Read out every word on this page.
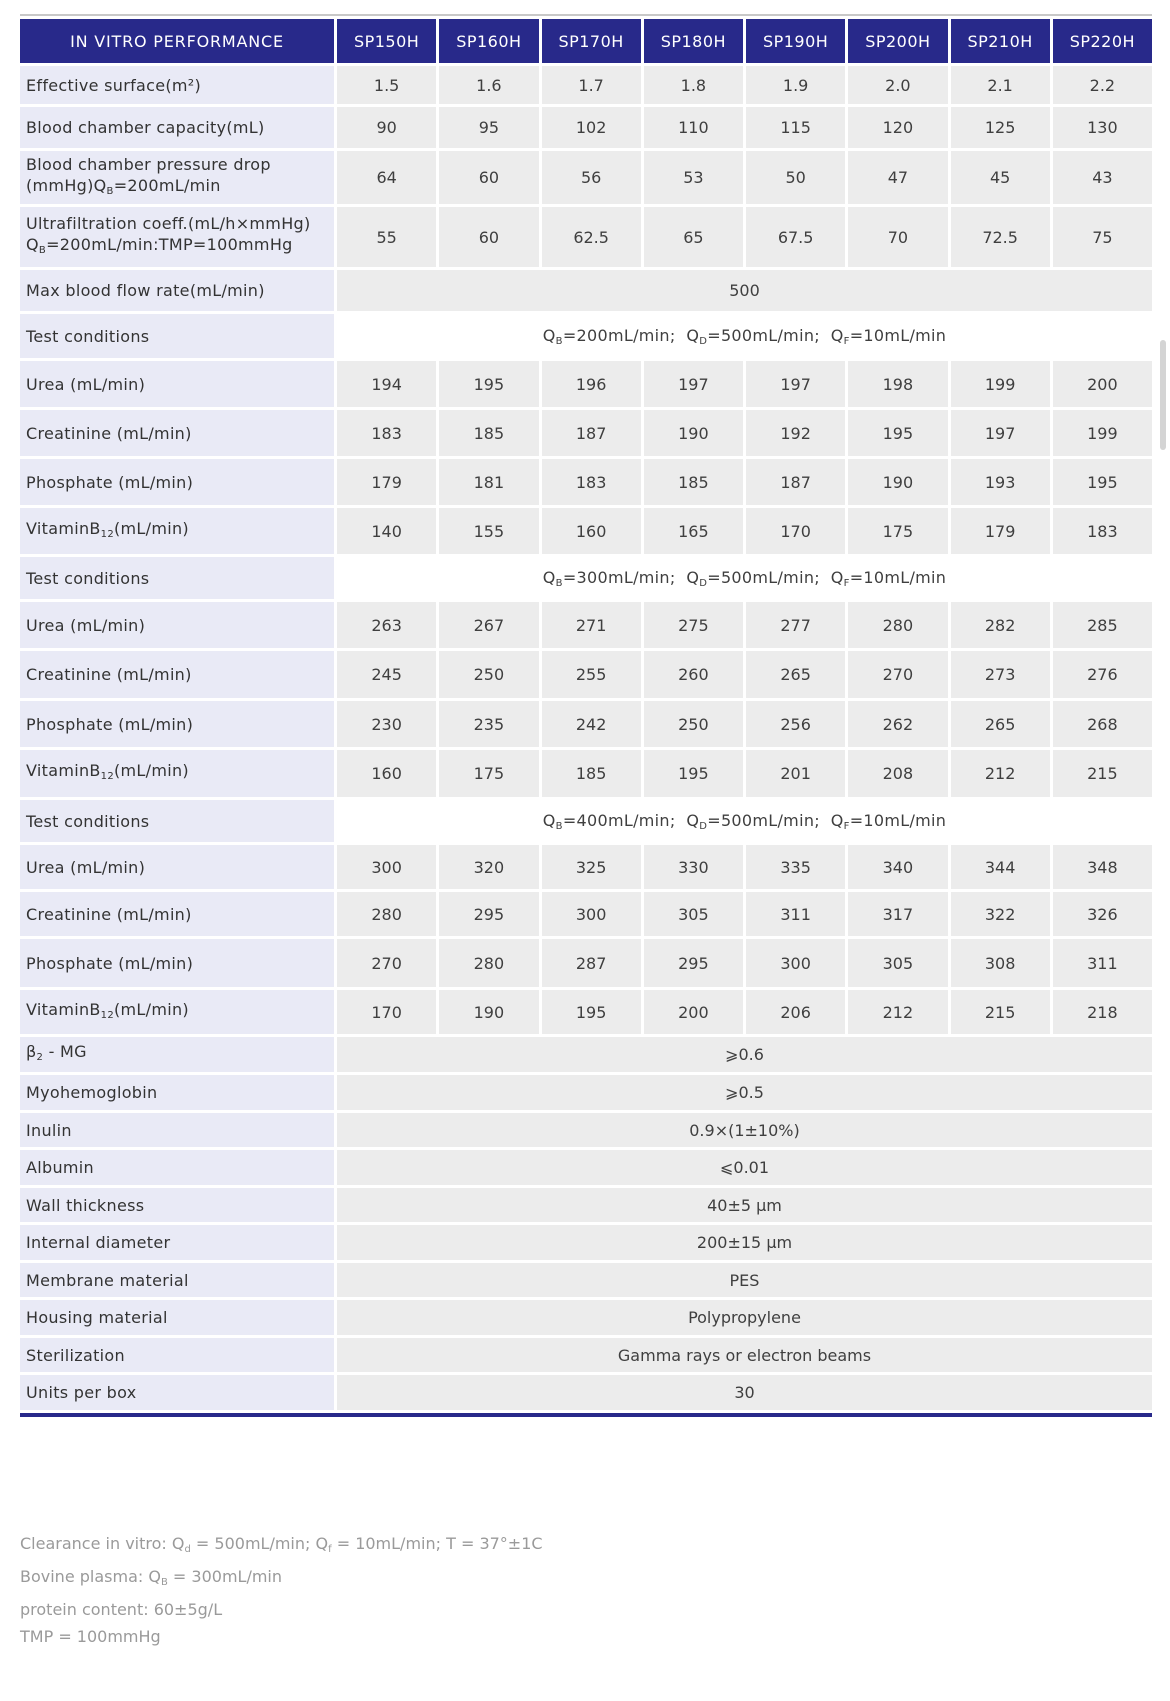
IN VITRO PERFORMANCE	SP150H	SP160H	SP170H	SP180H	SP190H	SP200H	SP210H	SP220H
Effective surface(m²)	1.5	1.6	1.7	1.8	1.9	2.0	2.1	2.2
Blood chamber capacity(mL)	90	95	102	110	115	120	125	130
Blood chamber pressure drop
$(mmHg)Q_B=200mL/\min$	64	60	56	53	50	47	45	43
Ultrafiltration coeff.(mL/h×mmHg)
$Q_B=200mL/\min:TMP=100mmHg$	55	60	62.5	65	67.5	70	72.5	75
Max blood flow rate(mL/min)	500							
Test conditions	$Q_B=200mL/\min$; $Q_D=500mL/\min$; $Q_F=10mL/\min$							
Urea (mL/min)	194	195	196	197	197	198	199	200
Creatinine (mL/min)	183	185	187	190	192	195	197	199
Phosphate (mL/min)	179	181	183	185	187	190	193	195
VitaminB$_{12}$(mL/min)	140	155	160	165	170	175	179	183
Test conditions	$Q_B=300mL/\min$; $Q_D=500mL/\min$; $Q_F=10mL/\min$							
Urea (mL/min)	263	267	271	275	277	280	282	285
Creatinine (mL/min)	245	250	255	260	265	270	273	276
Phosphate (mL/min)	230	235	242	250	256	262	265	268
VitaminB$_{12}$(mL/min)	160	175	185	195	201	208	212	215
Test conditions	$Q_B=400mL/\min$; $Q_D=500mL/\min$; $Q_F=10mL/\min$							
Urea (mL/min)	300	320	325	330	335	340	344	348
Creatinine (mL/min)	280	295	300	305	311	317	322	326
Phosphate (mL/min)	270	280	287	295	300	305	308	311
VitaminB$_{12}$(mL/min)	170	190	195	200	206	212	215	218
$\beta_2$ - MG	⩾0.6							
Myohemoglobin	⩾0.5							
Inulin	0.9×(1±10%)							
Albumin	⩽0.01							
Wall thickness	40±5 μm							
Internal diameter	200±15 μm							
Membrane material	PES							
Housing material	Polypropylene							
Sterilization	Gamma rays or electron beams							
Units per box	30							
Clearance in vitro: $Q_d = 500mL/\min$; $Q_f = 10mL/\min$; T = 37°±1C
Bovine plasma: $Q_B = 300mL/\min$
protein content: 60±5g/L
TMP = 100mmHg
